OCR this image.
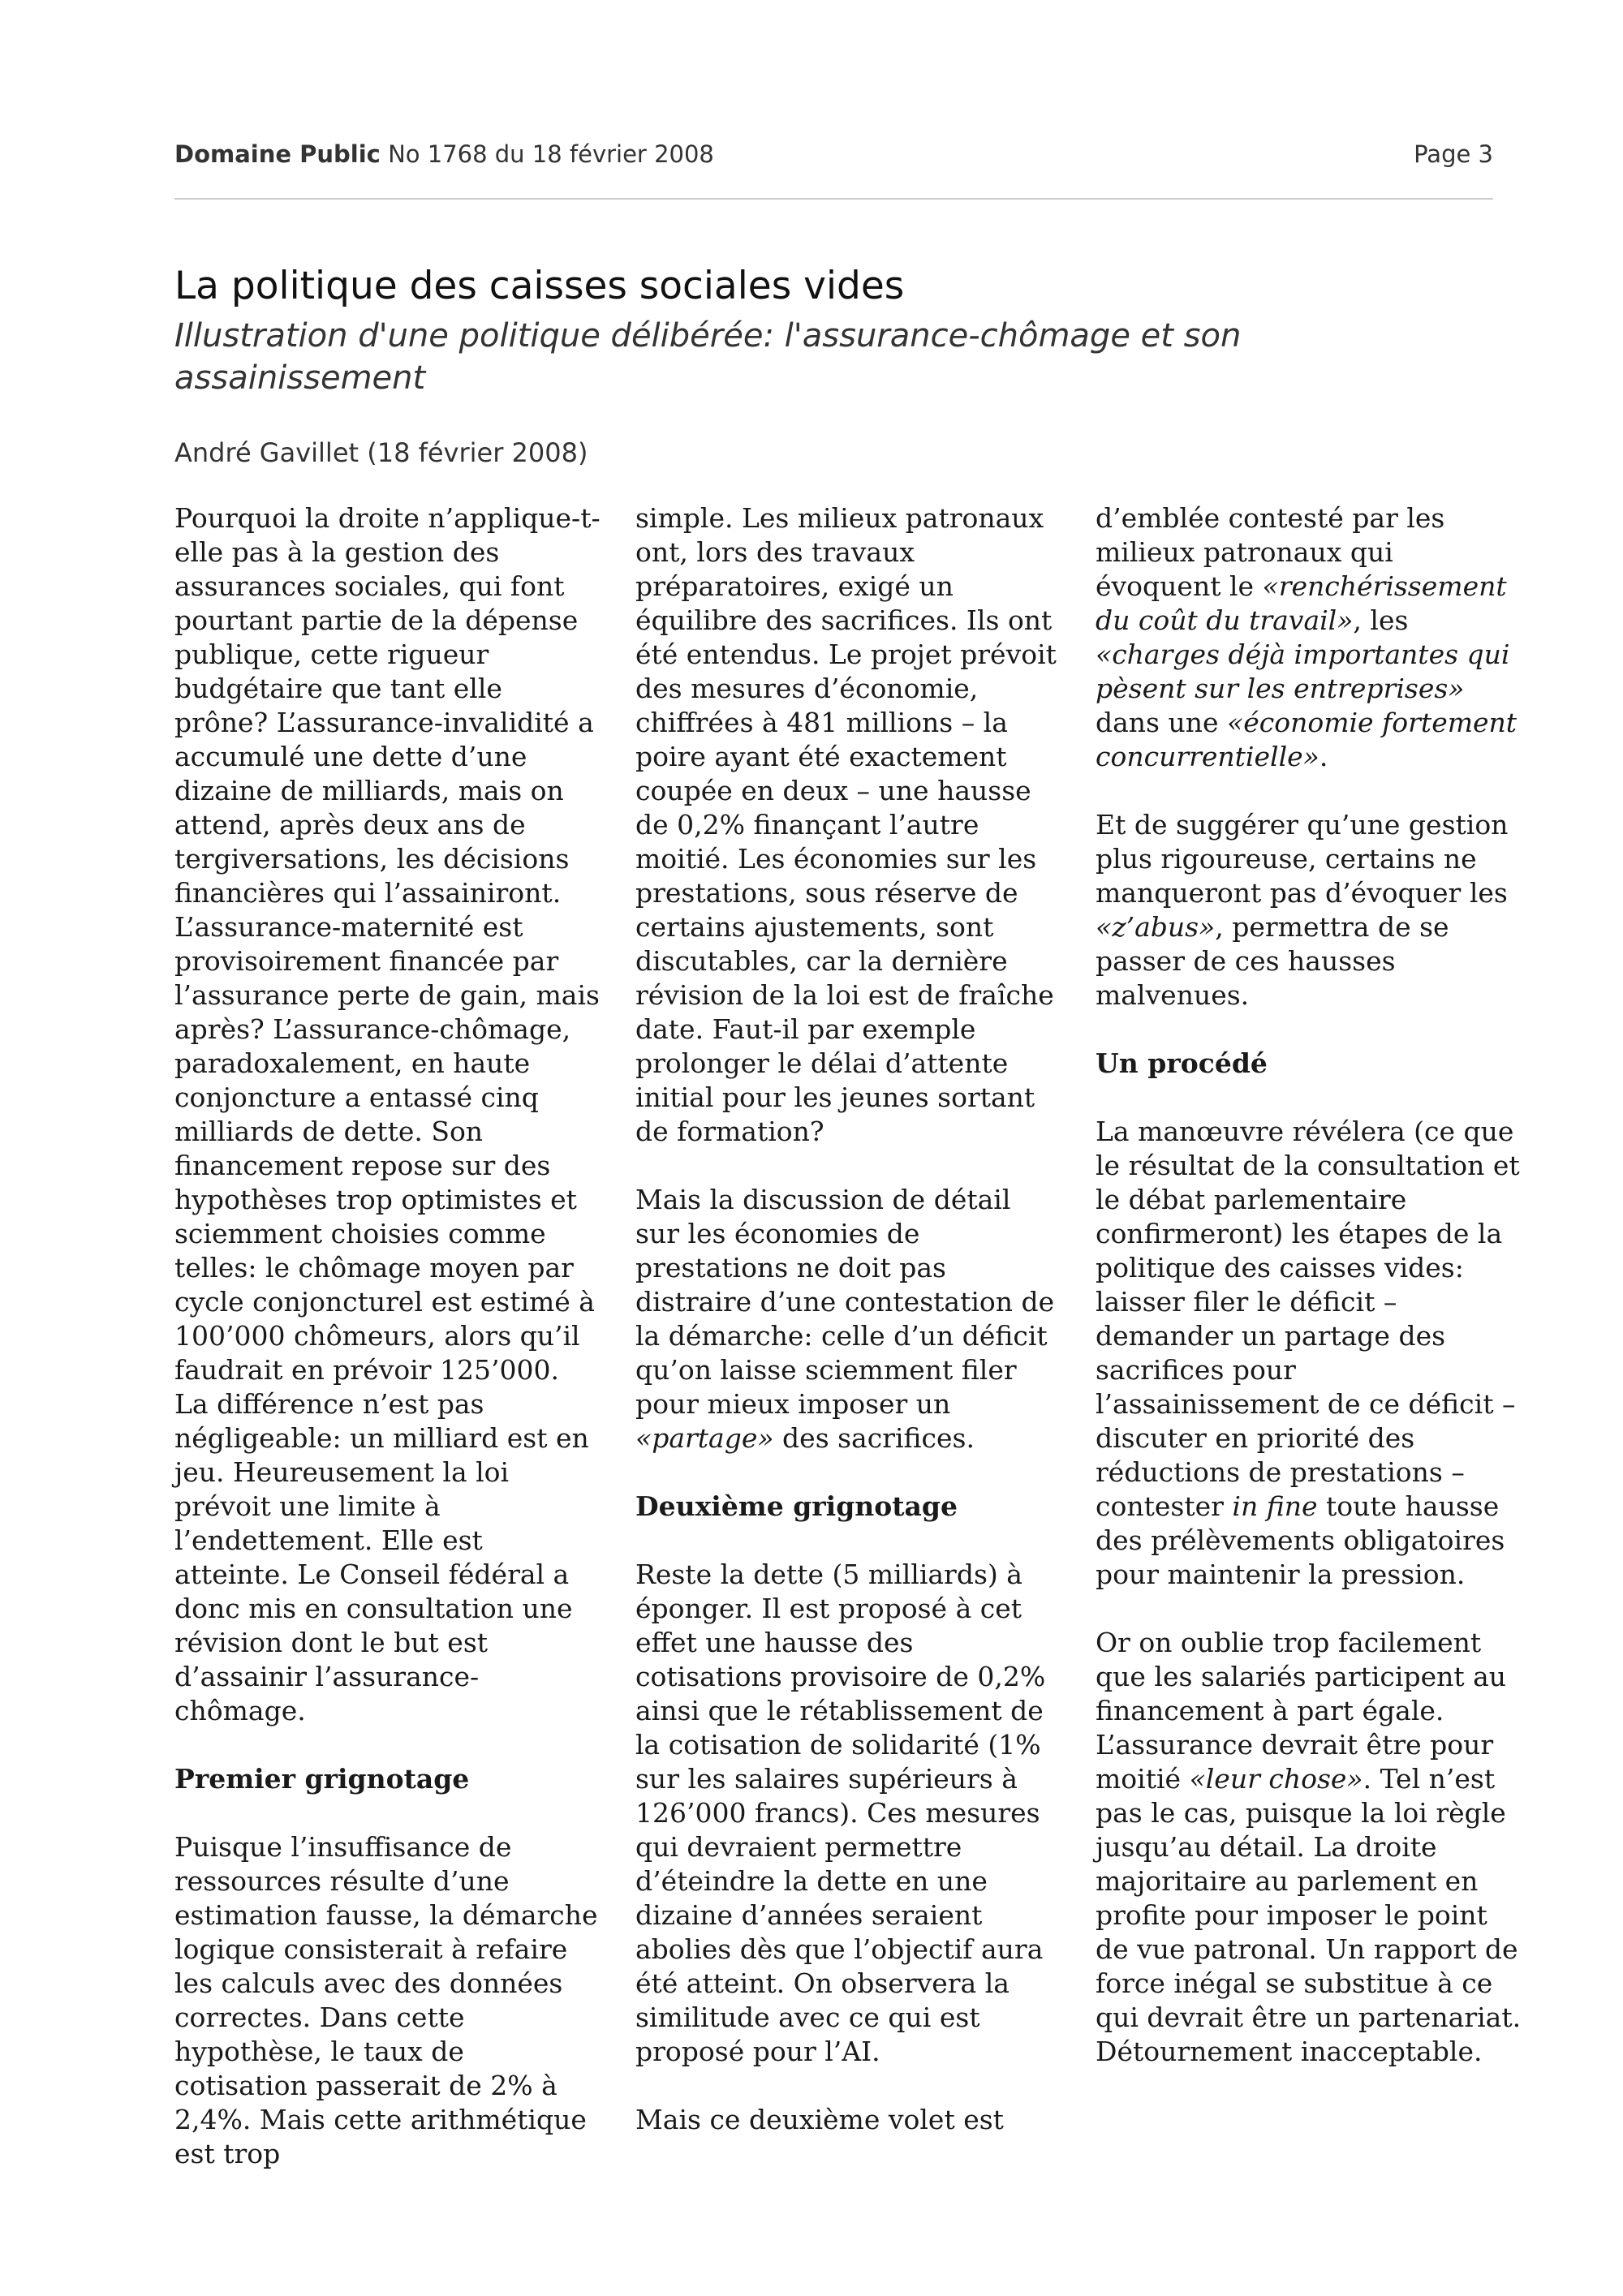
Domaine Public No 1768 du 18 février 2008	Page 3
La politique des caisses sociales vides
Illustration d'une politique délibérée: l'assurance-chômage et son assainissement
André Gavillet (18 février 2008)

Pourquoi la droite n’applique-t-elle pas à la gestion des assurances sociales, qui font pourtant partie de la dépense publique, cette rigueur budgétaire que tant elle prône? L’assurance-invalidité a accumulé une dette d’une dizaine de milliards, mais on attend, après deux ans de tergiversations, les décisions financières qui l’assainiront. L’assurance-maternité est provisoirement financée par l’assurance perte de gain, mais après? L’assurance-chômage, paradoxalement, en haute conjoncture a entassé cinq milliards de dette. Son financement repose sur des hypothèses trop optimistes et sciemment choisies comme telles: le chômage moyen par cycle conjoncturel est estimé à 100’000 chômeurs, alors qu’il faudrait en prévoir 125’000. La différence n’est pas négligeable: un milliard est en jeu. Heureusement la loi prévoit une limite à l’endettement. Elle est atteinte. Le Conseil fédéral a donc mis en consultation une révision dont le but est d’assainir l’assurance-chômage.

Premier grignotage

Puisque l’insuffisance de ressources résulte d’une estimation fausse, la démarche logique consisterait à refaire les calculs avec des données correctes. Dans cette hypothèse, le taux de cotisation passerait de 2% à 2,4%. Mais cette arithmétique est trop

simple. Les milieux patronaux ont, lors des travaux préparatoires, exigé un équilibre des sacrifices. Ils ont été entendus. Le projet prévoit des mesures d’économie, chiffrées à 481 millions – la poire ayant été exactement coupée en deux – une hausse de 0,2% finançant l’autre moitié. Les économies sur les prestations, sous réserve de certains ajustements, sont discutables, car la dernière révision de la loi est de fraîche date. Faut-il par exemple prolonger le délai d’attente initial pour les jeunes sortant de formation?

Mais la discussion de détail sur les économies de prestations ne doit pas distraire d’une contestation de la démarche: celle d’un déficit qu’on laisse sciemment filer pour mieux imposer un «partage» des sacrifices.

Deuxième grignotage

Reste la dette (5 milliards) à éponger. Il est proposé à cet effet une hausse des cotisations provisoire de 0,2% ainsi que le rétablissement de la cotisation de solidarité (1% sur les salaires supérieurs à 126’000 francs). Ces mesures qui devraient permettre d’éteindre la dette en une dizaine d’années seraient abolies dès que l’objectif aura été atteint. On observera la similitude avec ce qui est proposé pour l’AI.

Mais ce deuxième volet est

d’emblée contesté par les milieux patronaux qui évoquent le «renchérissement du coût du travail», les «charges déjà importantes qui pèsent sur les entreprises» dans une «économie fortement concurrentielle».

Et de suggérer qu’une gestion plus rigoureuse, certains ne manqueront pas d’évoquer les «z’abus», permettra de se passer de ces hausses malvenues.

Un procédé

La manœuvre révélera (ce que le résultat de la consultation et le débat parlementaire confirmeront) les étapes de la politique des caisses vides: laisser filer le déficit – demander un partage des sacrifices pour l’assainissement de ce déficit – discuter en priorité des réductions de prestations – contester in fine toute hausse des prélèvements obligatoires pour maintenir la pression.

Or on oublie trop facilement que les salariés participent au financement à part égale. L’assurance devrait être pour moitié «leur chose». Tel n’est pas le cas, puisque la loi règle jusqu’au détail. La droite majoritaire au parlement en profite pour imposer le point de vue patronal. Un rapport de force inégal se substitue à ce qui devrait être un partenariat. Détournement inacceptable.
